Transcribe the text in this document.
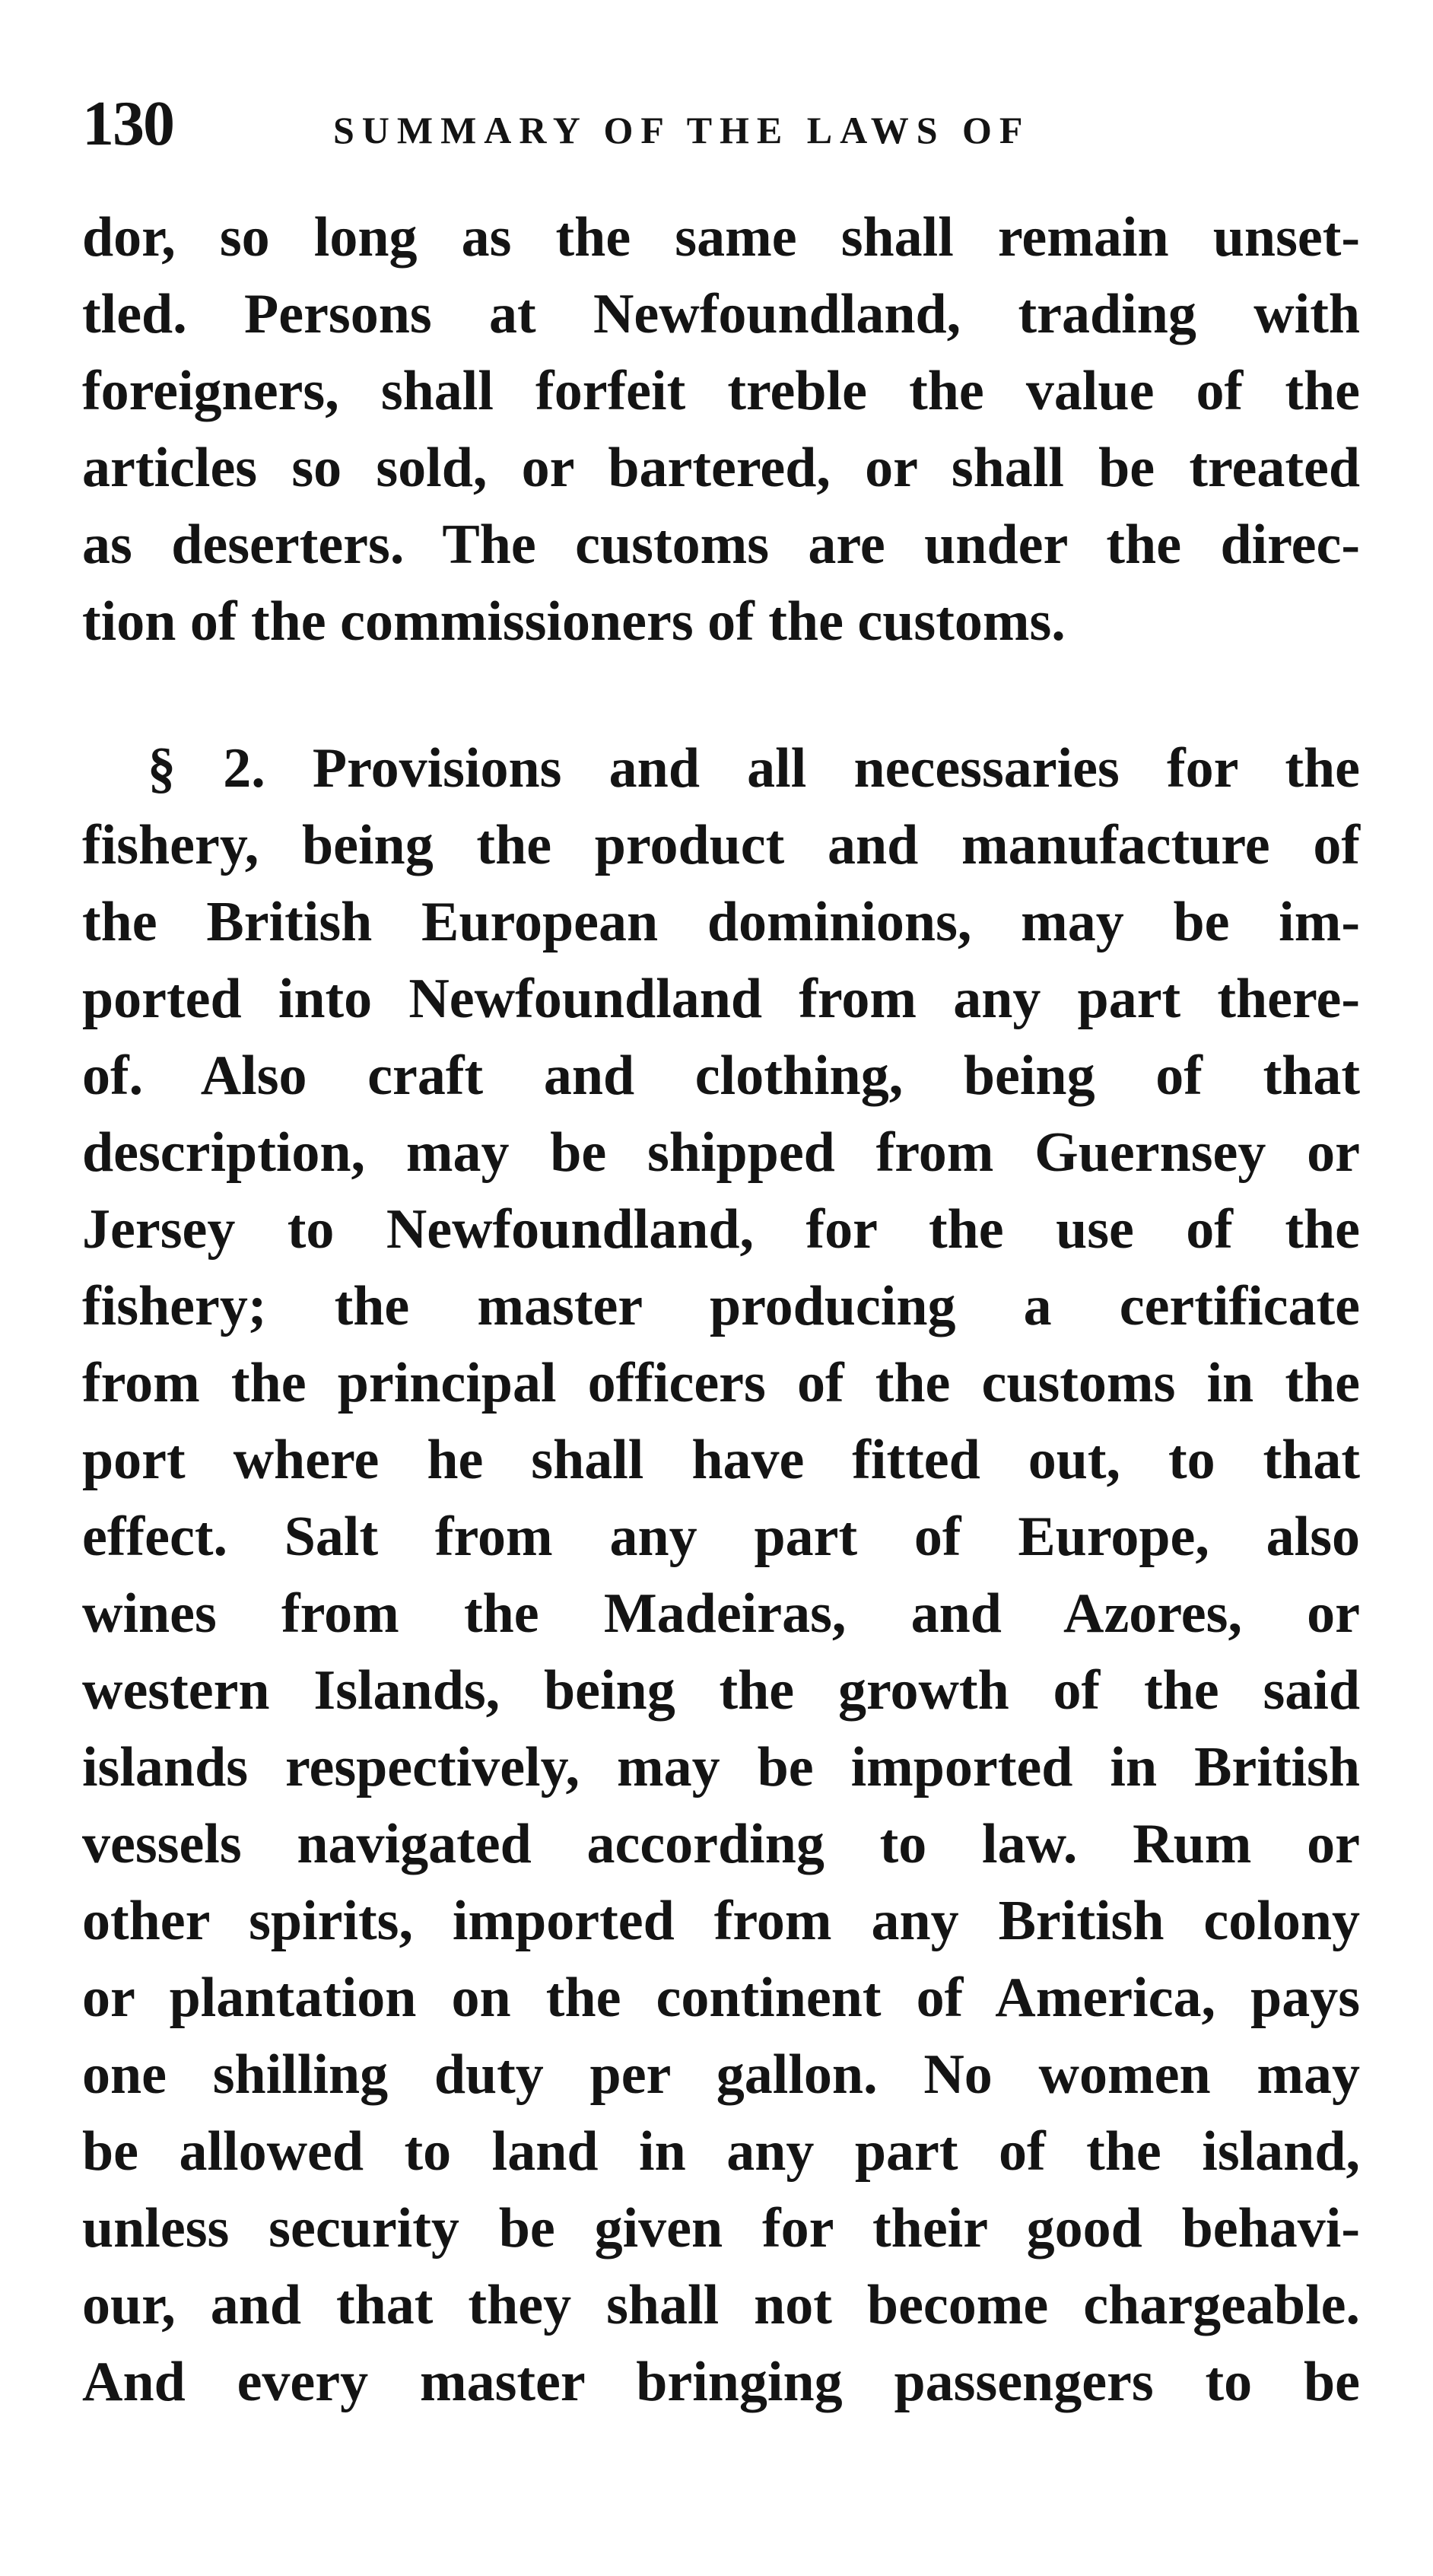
130	SUMMARY OF THE LAWS OF
dor, so long as the same shall remain unset-
tled. Persons at Newfoundland, trading with
foreigners, shall forfeit treble the value of the
articles so sold, or bartered, or shall be treated
as deserters. The customs are under the direc-
tion of the commissioners of the customs.
§ 2. Provisions and all necessaries for the
fishery, being the product and manufacture of
the British European dominions, may be im-
ported into Newfoundland from any part there-
of. Also craft and clothing, being of that
description, may be shipped from Guernsey or
Jersey to Newfoundland, for the use of the
fishery; the master producing a certificate
from the principal officers of the customs in the
port where he shall have fitted out, to that
effect. Salt from any part of Europe, also
wines from the Madeiras, and Azores, or
western Islands, being the growth of the said
islands respectively, may be imported in British
vessels navigated according to law. Rum or
other spirits, imported from any British colony
or plantation on the continent of America, pays
one shilling duty per gallon. No women may
be allowed to land in any part of the island,
unless security be given for their good behavi-
our, and that they shall not become chargeable.
And every master bringing passengers to be
